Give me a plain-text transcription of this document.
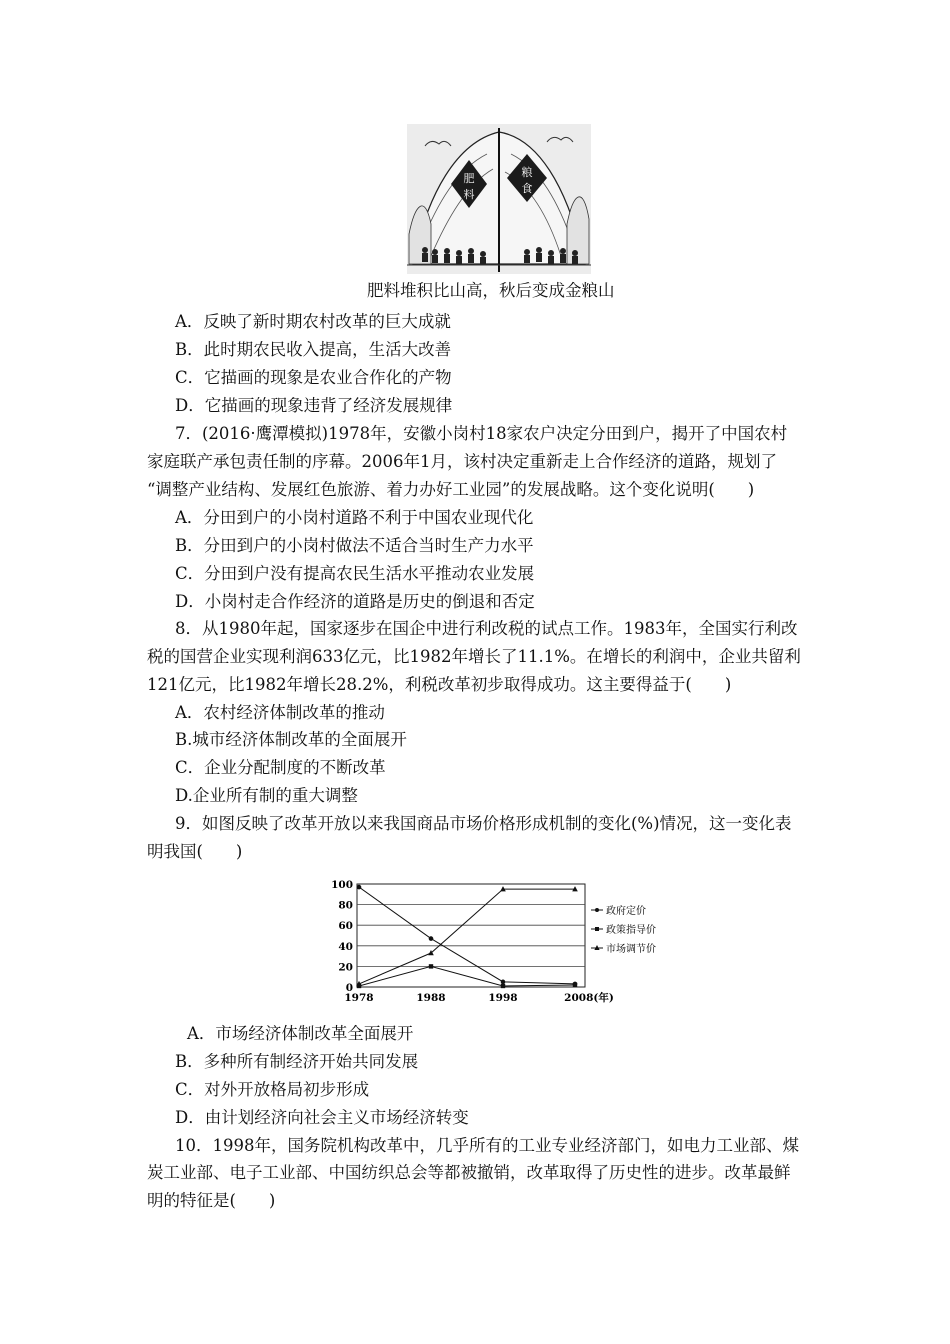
肥
料
粮
食
肥料堆积比山高，秋后变成金粮山
A．反映了新时期农村改革的巨大成就
B．此时期农民收入提高，生活大改善
C．它描画的现象是农业合作化的产物
D．它描画的现象违背了经济发展规律
7．(2016·鹰潭模拟)1978年，安徽小岗村18家农户决定分田到户，揭开了中国农村
家庭联产承包责任制的序幕。2006年1月，该村决定重新走上合作经济的道路，规划了
“调整产业结构、发展红色旅游、着力办好工业园”的发展战略。这个变化说明(　　)
A．分田到户的小岗村道路不利于中国农业现代化
B．分田到户的小岗村做法不适合当时生产力水平
C．分田到户没有提高农民生活水平推动农业发展
D．小岗村走合作经济的道路是历史的倒退和否定
8．从1980年起，国家逐步在国企中进行利改税的试点工作。1983年，全国实行利改
税的国营企业实现利润633亿元，比1982年增长了11.1%。在增长的利润中，企业共留利
121亿元，比1982年增长28.2%，利税改革初步取得成功。这主要得益于(　　)
A．农村经济体制改革的推动
B.城市经济体制改革的全面展开
C．企业分配制度的不断改革
D.企业所有制的重大调整
9．如图反映了改革开放以来我国商品市场价格形成机制的变化(%)情况，这一变化表
明我国(　　)
0
20
40
60
80
100
1978	1988	1998	2008(年)
政府定价
政策指导价
市场调节价
A．市场经济体制改革全面展开
B．多种所有制经济开始共同发展
C．对外开放格局初步形成
D．由计划经济向社会主义市场经济转变
10．1998年，国务院机构改革中，几乎所有的工业专业经济部门，如电力工业部、煤
炭工业部、电子工业部、中国纺织总会等都被撤销，改革取得了历史性的进步。改革最鲜
明的特征是(　　)
